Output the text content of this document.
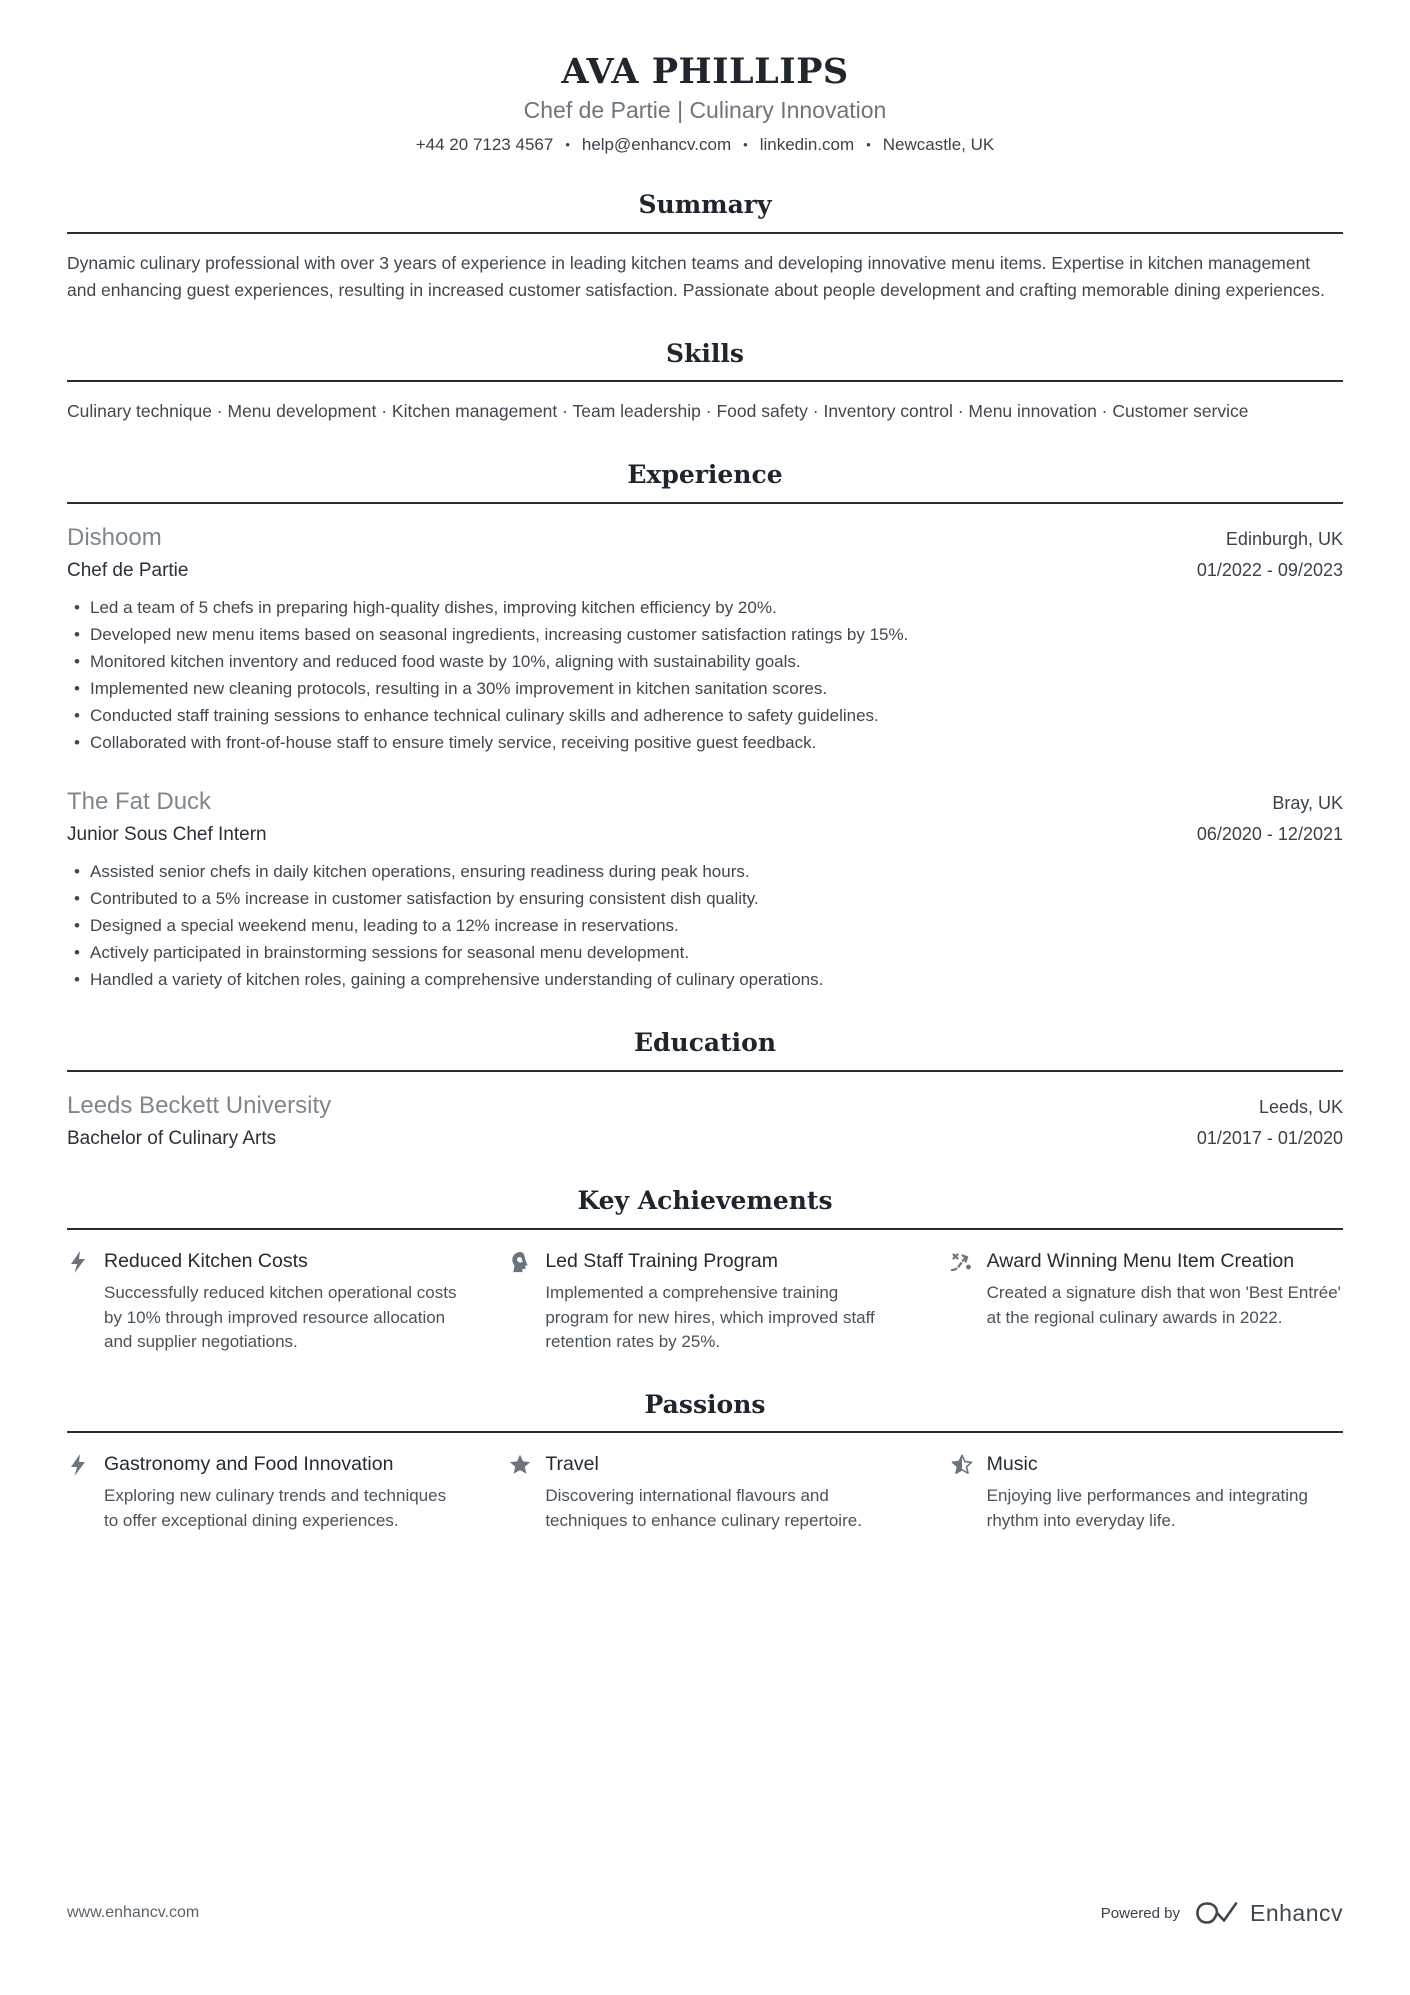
AVA PHILLIPS
Chef de Partie | Culinary Innovation
+44 20 7123 4567 • help@enhancv.com • linkedin.com • Newcastle, UK
Summary

Dynamic culinary professional with over 3 years of experience in leading kitchen teams and developing innovative menu items. Expertise in kitchen management and enhancing guest experiences, resulting in increased customer satisfaction. Passionate about people development and crafting memorable dining experiences.

Skills

Culinary technique · Menu development · Kitchen management · Team leadership · Food safety · Inventory control · Menu innovation · Customer service

Experience
Dishoom	Edinburgh, UK
Chef de Partie	01/2022 - 09/2023
• Led a team of 5 chefs in preparing high-quality dishes, improving kitchen efficiency by 20%.
• Developed new menu items based on seasonal ingredients, increasing customer satisfaction ratings by 15%.
• Monitored kitchen inventory and reduced food waste by 10%, aligning with sustainability goals.
• Implemented new cleaning protocols, resulting in a 30% improvement in kitchen sanitation scores.
• Conducted staff training sessions to enhance technical culinary skills and adherence to safety guidelines.
• Collaborated with front-of-house staff to ensure timely service, receiving positive guest feedback.
The Fat Duck	Bray, UK
Junior Sous Chef Intern	06/2020 - 12/2021
• Assisted senior chefs in daily kitchen operations, ensuring readiness during peak hours.
• Contributed to a 5% increase in customer satisfaction by ensuring consistent dish quality.
• Designed a special weekend menu, leading to a 12% increase in reservations.
• Actively participated in brainstorming sessions for seasonal menu development.
• Handled a variety of kitchen roles, gaining a comprehensive understanding of culinary operations.
Education
Leeds Beckett University	Leeds, UK
Bachelor of Culinary Arts	01/2017 - 01/2020
Key Achievements
Reduced Kitchen Costs
Successfully reduced kitchen operational costs by 10% through improved resource allocation and supplier negotiations.
Led Staff Training Program
Implemented a comprehensive training program for new hires, which improved staff retention rates by 25%.
Award Winning Menu Item Creation
Created a signature dish that won 'Best Entrée' at the regional culinary awards in 2022.
Passions
Gastronomy and Food Innovation
Exploring new culinary trends and techniques to offer exceptional dining experiences.
Travel
Discovering international flavours and techniques to enhance culinary repertoire.
Music
Enjoying live performances and integrating rhythm into everyday life.
www.enhancv.com	Powered by	Enhancv
